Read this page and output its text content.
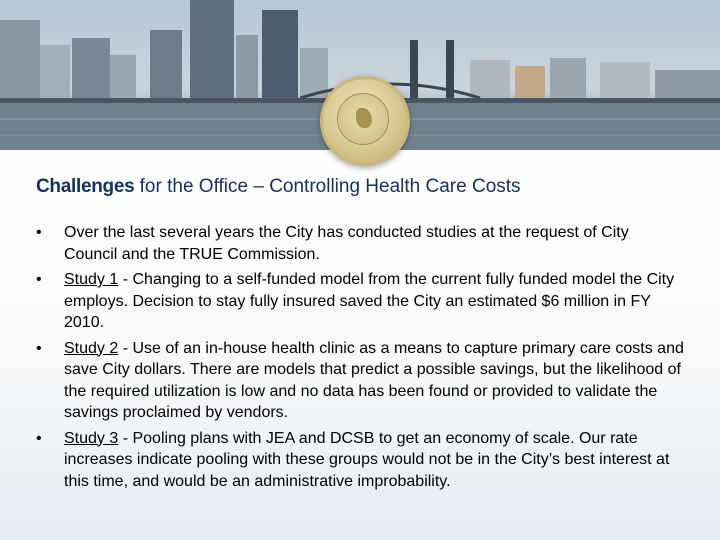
Challenges for the Office – Controlling Health Care Costs
• Over the last several years the City has conducted studies at the request of City Council and the TRUE Commission.
• Study 1 - Changing to a self-funded model from the current fully funded model the City employs. Decision to stay fully insured saved the City an estimated $6 million in FY 2010.
• Study 2 - Use of an in-house health clinic as a means to capture primary care costs and save City dollars. There are models that predict a possible savings, but the likelihood of the required utilization is low and no data has been found or provided to validate the savings proclaimed by vendors.
• Study 3 - Pooling plans with JEA and DCSB to get an economy of scale. Our rate increases indicate pooling with these groups would not be in the City’s best interest at this time, and would be an administrative improbability.
